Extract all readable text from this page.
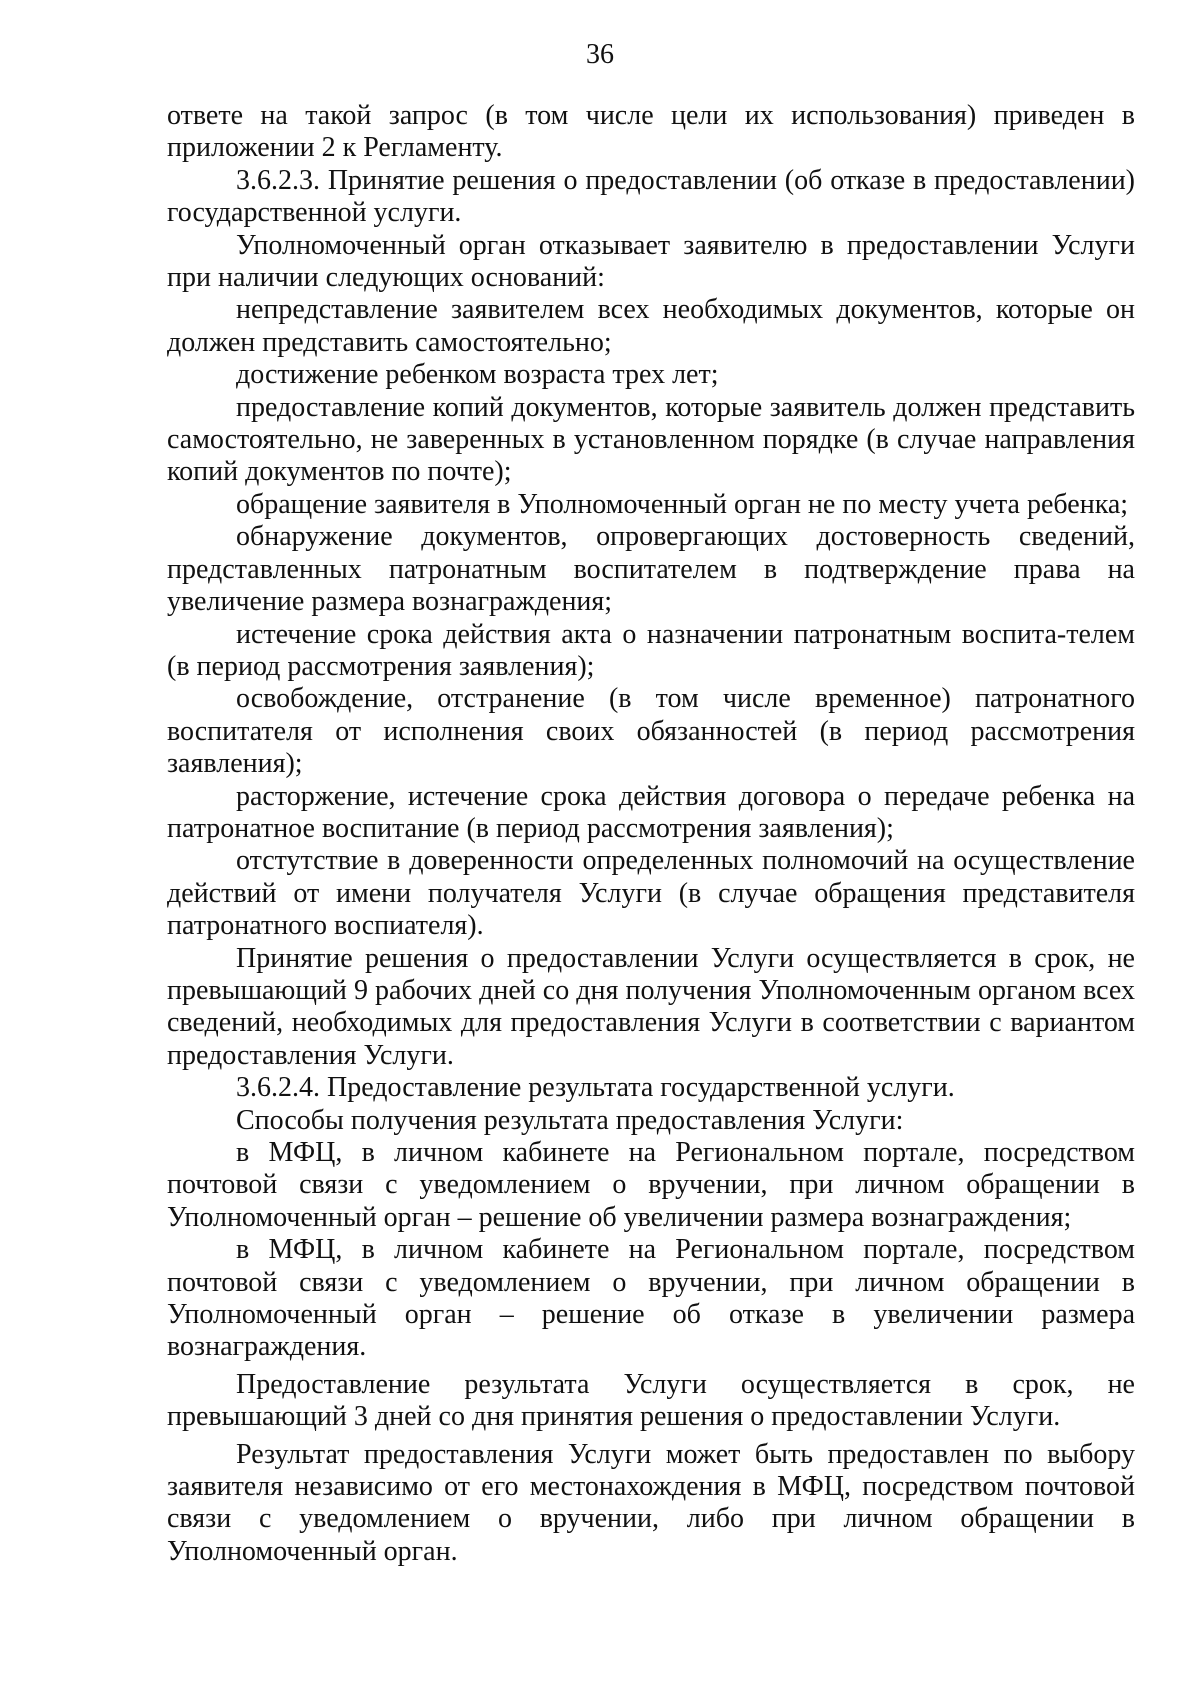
36

ответе на такой запрос (в том числе цели их использования) приведен в приложении 2 к Регламенту.

3.6.2.3. Принятие решения о предоставлении (об отказе в предоставлении) государственной услуги.

Уполномоченный орган отказывает заявителю в предоставлении Услуги при наличии следующих оснований:

непредставление заявителем всех необходимых документов, которые он должен представить самостоятельно;

достижение ребенком возраста трех лет;

предоставление копий документов, которые заявитель должен представить самостоятельно, не заверенных в установленном порядке (в случае направления копий документов по почте);

обращение заявителя в Уполномоченный орган не по месту учета ребенка;

обнаружение документов, опровергающих достоверность сведений, представленных патронатным воспитателем в подтверждение права на увеличение размера вознаграждения;

истечение срока действия акта о назначении патронатным воспита-телем (в период рассмотрения заявления);

освобождение, отстранение (в том числе временное) патронатного воспитателя от исполнения своих обязанностей (в период рассмотрения заявления);

расторжение, истечение срока действия договора о передаче ребенка на патронатное воспитание (в период рассмотрения заявления);

отстутствие в доверенности определенных полномочий на осуществление действий от имени получателя Услуги (в случае обращения представителя патронатного воспиателя).

Принятие решения о предоставлении Услуги осуществляется в срок, не превышающий 9 рабочих дней со дня получения Уполномоченным органом всех сведений, необходимых для предоставления Услуги в соответствии с вариантом предоставления Услуги.

3.6.2.4. Предоставление результата государственной услуги.

Способы получения результата предоставления Услуги:

в МФЦ, в личном кабинете на Региональном портале, посредством почтовой связи с уведомлением о вручении, при личном обращении в Уполномоченный орган – решение об увеличении размера вознаграждения;

в МФЦ, в личном кабинете на Региональном портале, посредством почтовой связи с уведомлением о вручении, при личном обращении в Уполномоченный орган – решение об отказе в увеличении размера вознаграждения.

Предоставление результата Услуги осуществляется в срок, не превышающий 3 дней со дня принятия решения о предоставлении Услуги.

Результат предоставления Услуги может быть предоставлен по выбору заявителя независимо от его местонахождения в МФЦ, посредством почтовой связи с уведомлением о вручении, либо при личном обращении в Уполномоченный орган.
